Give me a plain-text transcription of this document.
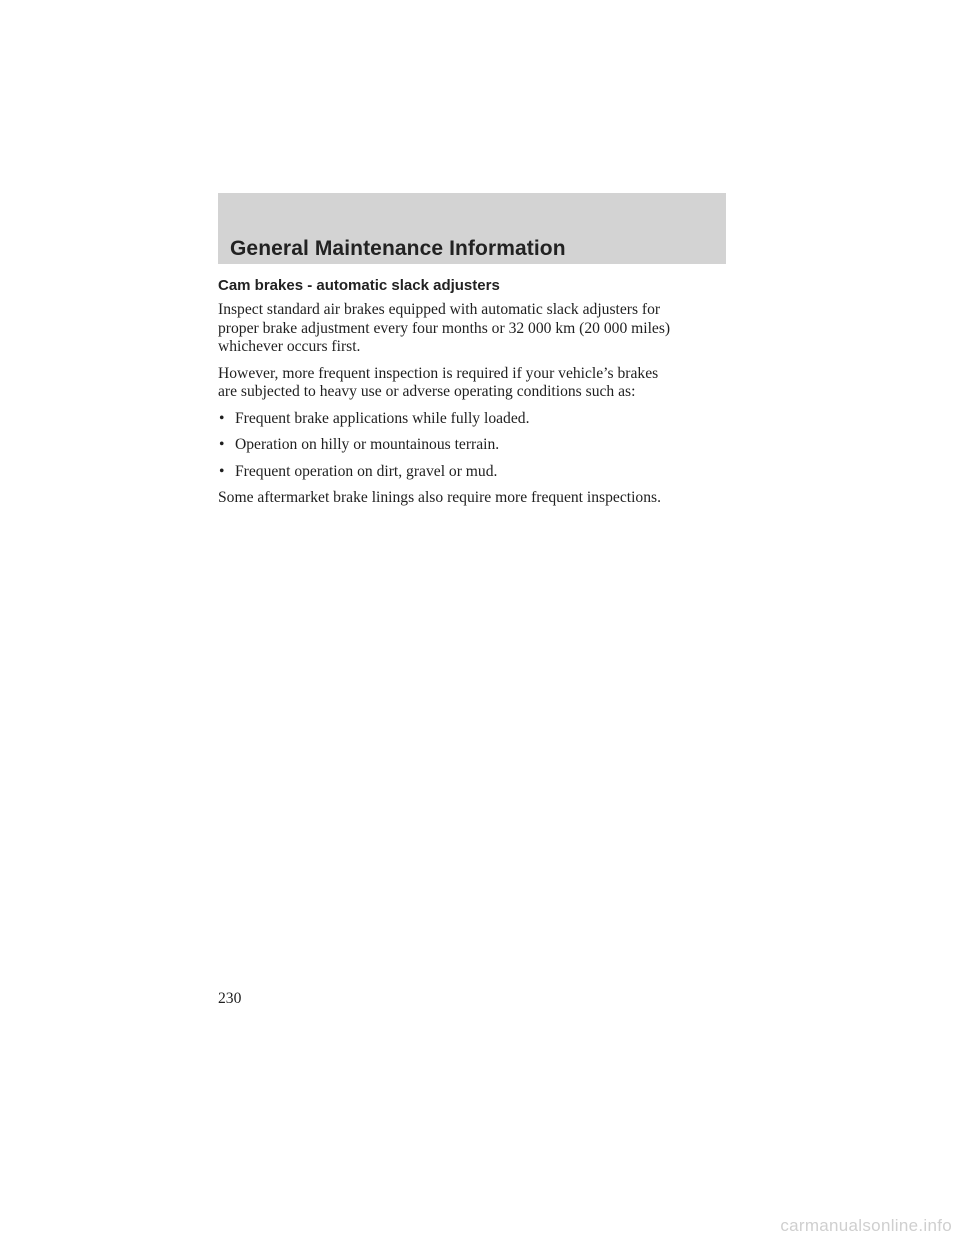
General Maintenance Information
Cam brakes - automatic slack adjusters

Inspect standard air brakes equipped with automatic slack adjusters for
proper brake adjustment every four months or 32 000 km (20 000 miles)
whichever occurs first.

However, more frequent inspection is required if your vehicle’s brakes
are subjected to heavy use or adverse operating conditions such as:

• Frequent brake applications while fully loaded.
• Operation on hilly or mountainous terrain.
• Frequent operation on dirt, gravel or mud.

Some aftermarket brake linings also require more frequent inspections.

230
carmanualsonline.info
